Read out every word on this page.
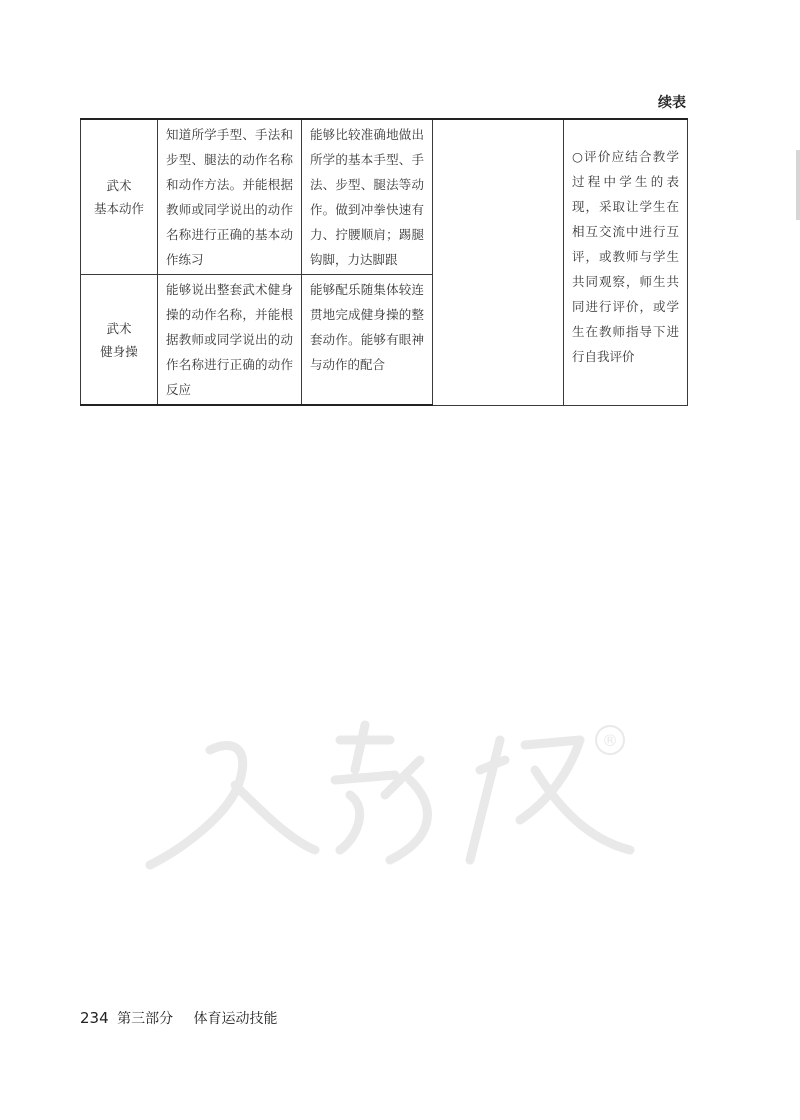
续表
武术
基本动作	知道所学手型、手法和步型、腿法的动作名称和动作方法。并能根据教师或同学说出的动作名称进行正确的基本动作练习	能够比较准确地做出所学的基本手型、手法、步型、腿法等动作。做到冲拳快速有力、拧腰顺肩；踢腿钩脚，力达脚跟		○评价应结合教学过程中学生的表现，采取让学生在相互交流中进行互评，或教师与学生共同观察，师生共同进行评价，或学生在教师指导下进行自我评价

武术
健身操	能够说出整套武术健身操的动作名称，并能根据教师或同学说出的动作名称进行正确的动作反应	能够配乐随集体较连贯地完成健身操的整套动作。能够有眼神与动作的配合		
®
234 第三部分 体育运动技能
